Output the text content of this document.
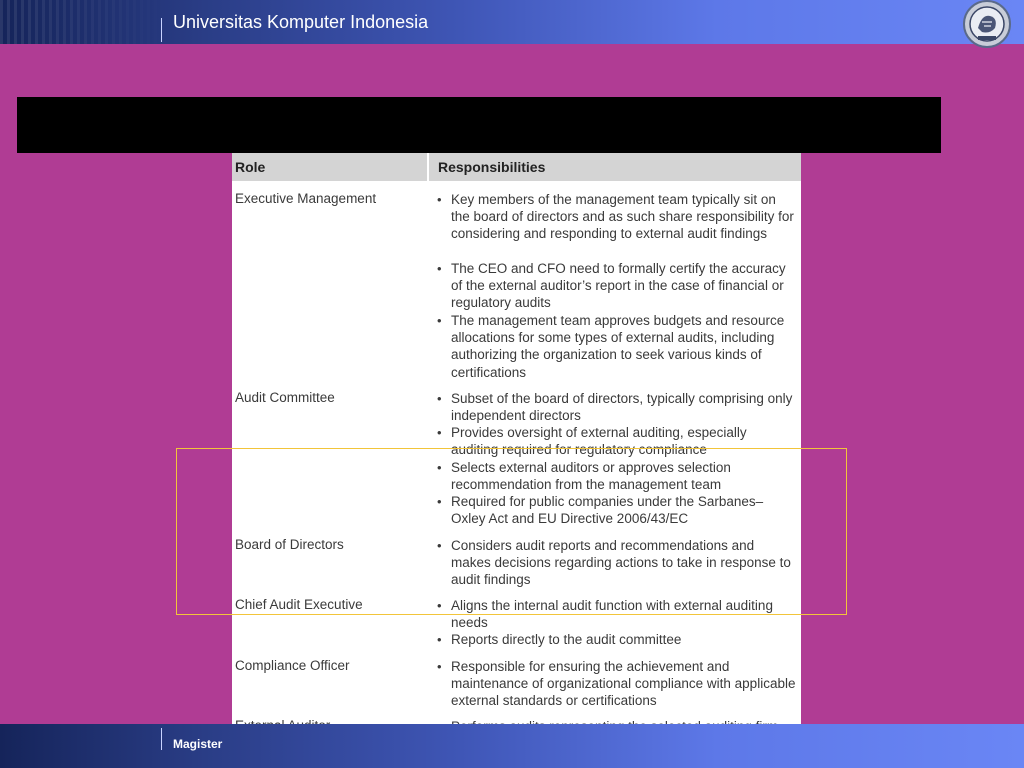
Universitas Komputer Indonesia
Role	Responsibilities
Executive Management	• Key members of the management team typically sit on the board of directors and as such share responsibility for considering and responding to external audit findings
• The CEO and CFO need to formally certify the accuracy of the external auditor’s report in the case of financial or regulatory audits
• The management team approves budgets and resource allocations for some types of external audits, including authorizing the organization to seek various kinds of certifications
Audit Committee	• Subset of the board of directors, typically comprising only independent directors
• Provides oversight of external auditing, especially auditing required for regulatory compliance
• Selects external auditors or approves selection recommendation from the management team
• Required for public companies under the Sarbanes–Oxley Act and EU Directive 2006/43/EC
Board of Directors	• Considers audit reports and recommendations and makes decisions regarding actions to take in response to audit findings
Chief Audit Executive	• Aligns the internal audit function with external auditing needs
• Reports directly to the audit committee
Compliance Officer	• Responsible for ensuring the achievement and maintenance of organizational compliance with applicable external standards or certifications
Magister
